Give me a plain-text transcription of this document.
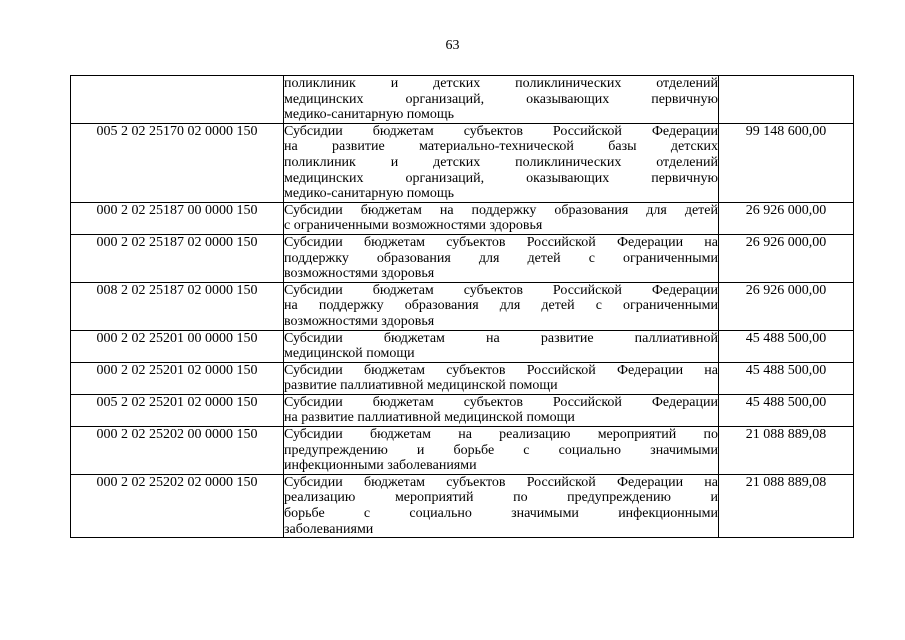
63

	поликлиник и детских поликлинических отделений
медицинских организаций, оказывающих первичную
медико-санитарную помощь	

005 2 02 25170 02 0000 150	Субсидии бюджетам субъектов Российской Федерации
на развитие материально-технической базы детских
поликлиник и детских поликлинических отделений
медицинских организаций, оказывающих первичную
медико-санитарную помощь	99 148 600,00
000 2 02 25187 00 0000 150	Субсидии бюджетам на поддержку образования для детей
с ограниченными возможностями здоровья	26 926 000,00
000 2 02 25187 02 0000 150	Субсидии бюджетам субъектов Российской Федерации на
поддержку образования для детей с ограниченными
возможностями здоровья	26 926 000,00
008 2 02 25187 02 0000 150	Субсидии бюджетам субъектов Российской Федерации
на поддержку образования для детей с ограниченными
возможностями здоровья	26 926 000,00
000 2 02 25201 00 0000 150	Субсидии бюджетам на развитие паллиативной
медицинской помощи	45 488 500,00
000 2 02 25201 02 0000 150	Субсидии бюджетам субъектов Российской Федерации на
развитие паллиативной медицинской помощи	45 488 500,00
005 2 02 25201 02 0000 150	Субсидии бюджетам субъектов Российской Федерации
на развитие паллиативной медицинской помощи	45 488 500,00
000 2 02 25202 00 0000 150	Субсидии бюджетам на реализацию мероприятий по
предупреждению и борьбе с социально значимыми
инфекционными заболеваниями	21 088 889,08
000 2 02 25202 02 0000 150	Субсидии бюджетам субъектов Российской Федерации на
реализацию мероприятий по предупреждению и
борьбе с социально значимыми инфекционными
заболеваниями	21 088 889,08
